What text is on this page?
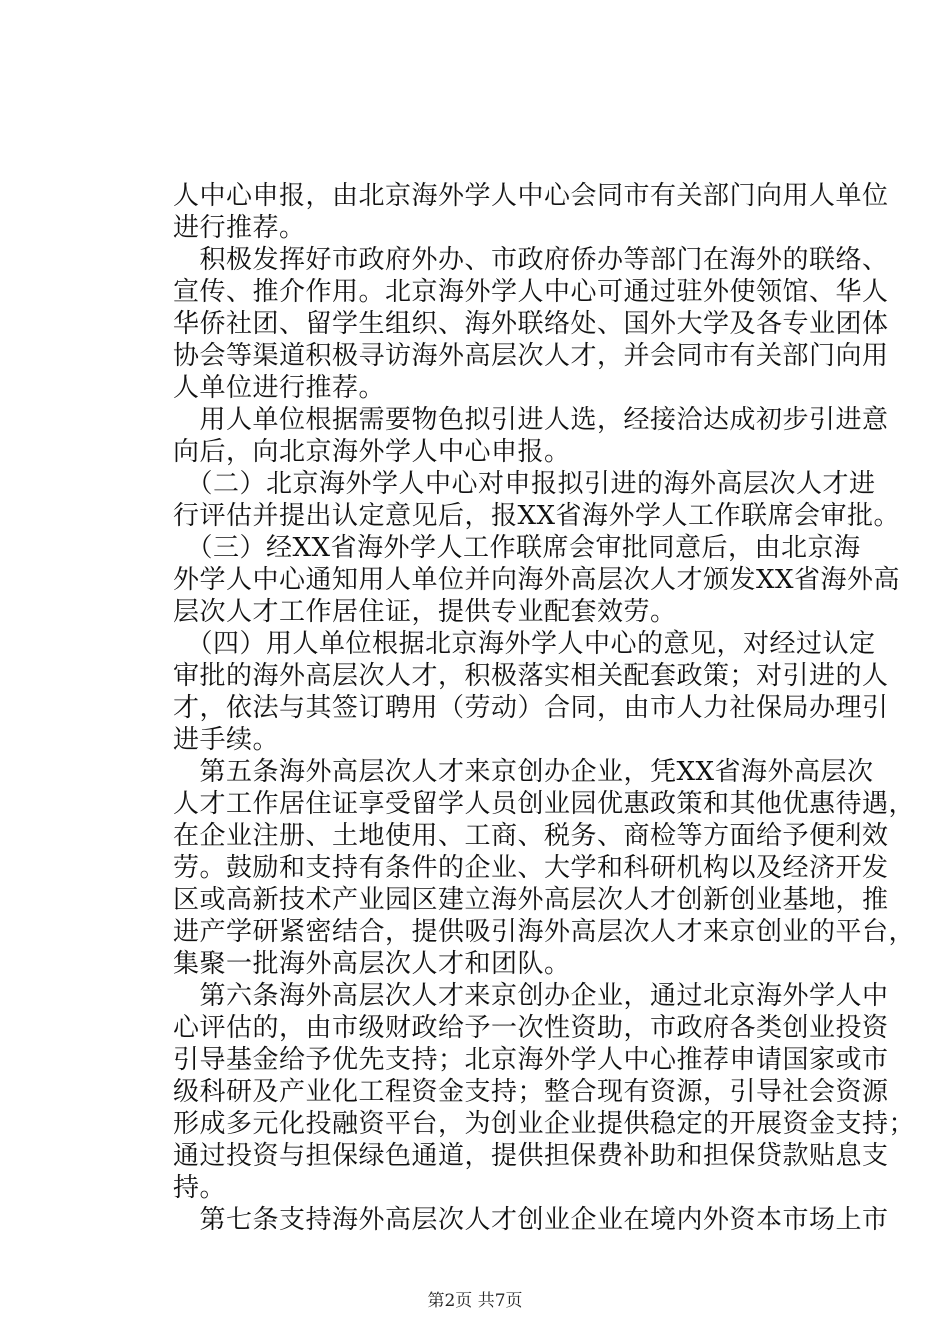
人中心申报，由北京海外学人中心会同市有关部门向用人单位
进行推荐。
　积极发挥好市政府外办、市政府侨办等部门在海外的联络、
宣传、推介作用。北京海外学人中心可通过驻外使领馆、华人
华侨社团、留学生组织、海外联络处、国外大学及各专业团体
协会等渠道积极寻访海外高层次人才，并会同市有关部门向用
人单位进行推荐。
　用人单位根据需要物色拟引进人选，经接洽达成初步引进意
向后，向北京海外学人中心申报。
　（二）北京海外学人中心对申报拟引进的海外高层次人才进
行评估并提出认定意见后，报XX省海外学人工作联席会审批。
　（三）经XX省海外学人工作联席会审批同意后，由北京海
外学人中心通知用人单位并向海外高层次人才颁发XX省海外高
层次人才工作居住证，提供专业配套效劳。
　（四）用人单位根据北京海外学人中心的意见，对经过认定
审批的海外高层次人才，积极落实相关配套政策；对引进的人
才，依法与其签订聘用（劳动）合同，由市人力社保局办理引
进手续。
　第五条海外高层次人才来京创办企业，凭XX省海外高层次
人才工作居住证享受留学人员创业园优惠政策和其他优惠待遇，
在企业注册、土地使用、工商、税务、商检等方面给予便利效
劳。鼓励和支持有条件的企业、大学和科研机构以及经济开发
区或高新技术产业园区建立海外高层次人才创新创业基地，推
进产学研紧密结合，提供吸引海外高层次人才来京创业的平台，
集聚一批海外高层次人才和团队。
　第六条海外高层次人才来京创办企业，通过北京海外学人中
心评估的，由市级财政给予一次性资助，市政府各类创业投资
引导基金给予优先支持；北京海外学人中心推荐申请国家或市
级科研及产业化工程资金支持；整合现有资源，引导社会资源
形成多元化投融资平台，为创业企业提供稳定的开展资金支持；
通过投资与担保绿色通道，提供担保费补助和担保贷款贴息支
持。
　第七条支持海外高层次人才创业企业在境内外资本市场上市
第2页 共7页
